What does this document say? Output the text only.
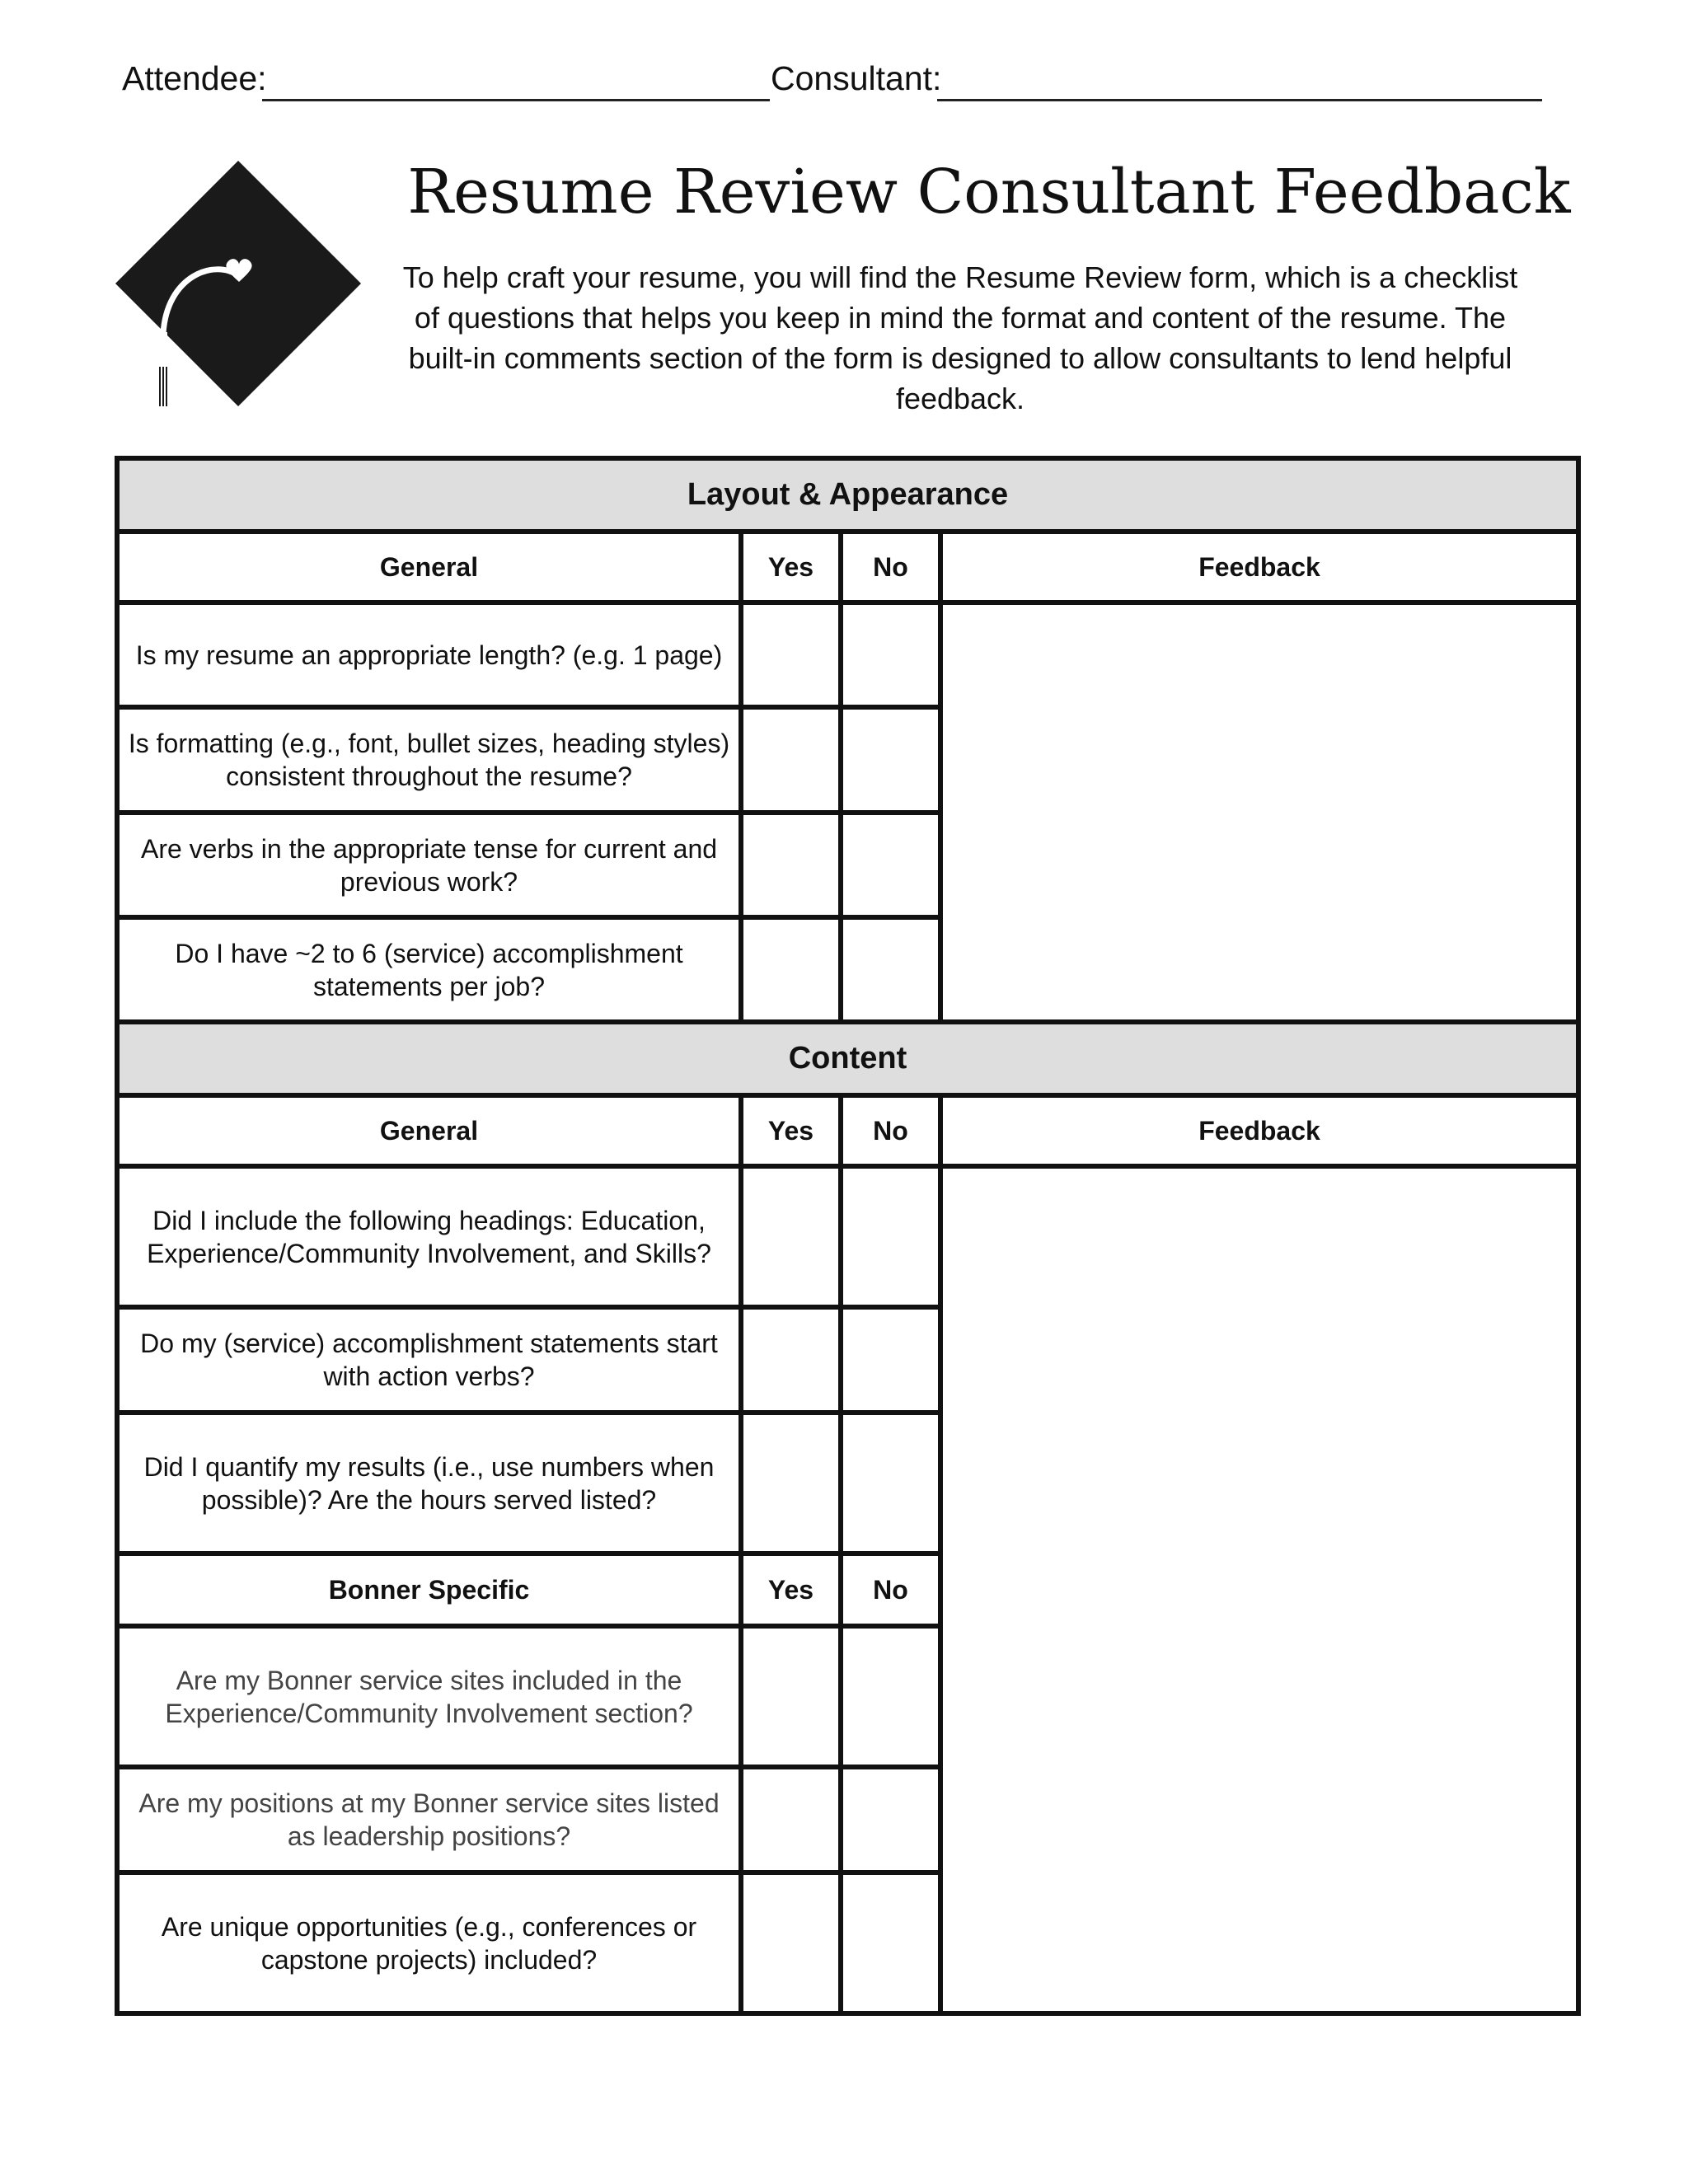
Attendee:	Consultant:
Resume Review Consultant Feedback
To help craft your resume, you will find the Resume Review form, which is a checklist of questions that helps you keep in mind the format and content of the resume. The built-in comments section of the form is designed to allow consultants to lend helpful feedback.
Layout & Appearance			
General	Yes	No	Feedback
Is my resume an appropriate length? (e.g. 1 page)			
Is formatting (e.g., font, bullet sizes, heading styles) consistent throughout the resume?			
Are verbs in the appropriate tense for current and previous work?			
Do I have ~2 to 6 (service) accomplishment statements per job?			
Content			
General	Yes	No	Feedback
Did I include the following headings: Education, Experience/Community Involvement, and Skills?			
Do my (service) accomplishment statements start with action verbs?			
Did I quantify my results (i.e., use numbers when possible)? Are the hours served listed?			
Bonner Specific	Yes	No	
Are my Bonner service sites included in the Experience/Community Involvement section?			
Are my positions at my Bonner service sites listed as leadership positions?			
Are unique opportunities (e.g., conferences or capstone projects) included?			
